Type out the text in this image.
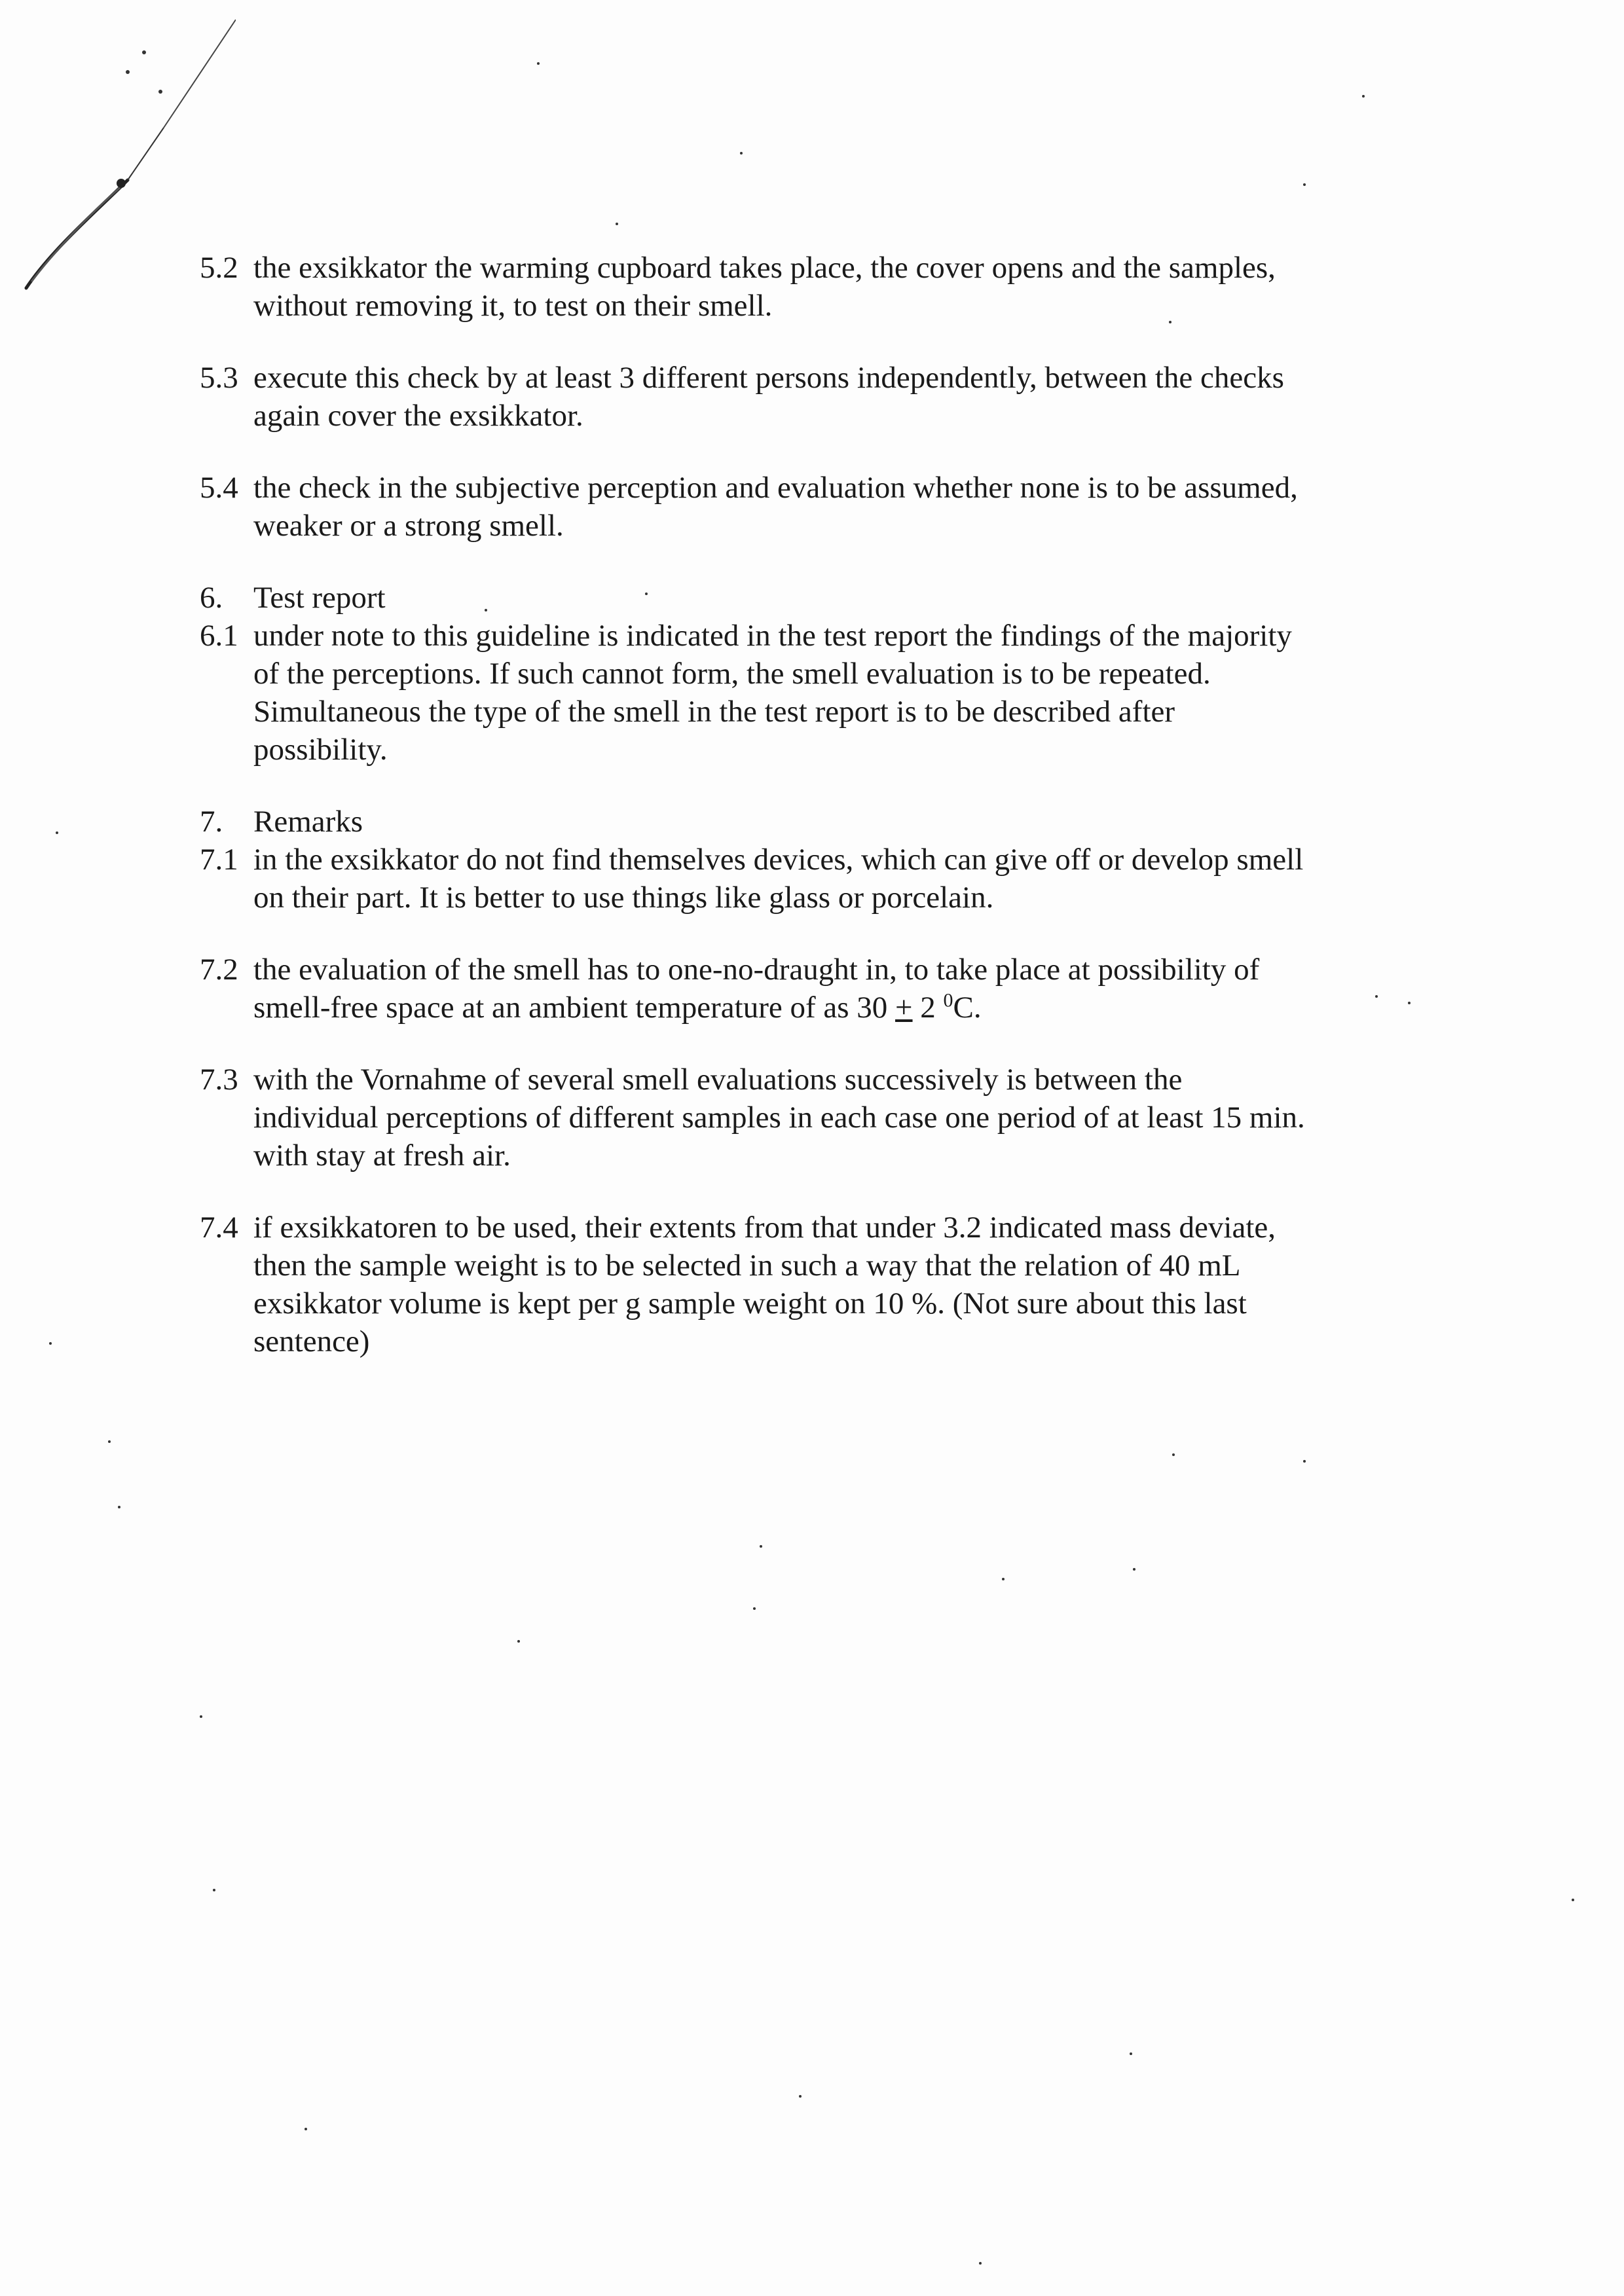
5.2 the exsikkator the warming cupboard takes place, the cover opens and the samples,
without removing it, to test on their smell.
5.3 execute this check by at least 3 different persons independently, between the checks
again cover the exsikkator.
5.4 the check in the subjective perception and evaluation whether none is to be assumed,
weaker or a strong smell.
6. Test report
6.1 under note to this guideline is indicated in the test report the findings of the majority
of the perceptions. If such cannot form, the smell evaluation is to be repeated.
Simultaneous the type of the smell in the test report is to be described after
possibility.
7. Remarks
7.1 in the exsikkator do not find themselves devices, which can give off or develop smell
on their part. It is better to use things like glass or porcelain.
7.2 the evaluation of the smell has to one-no-draught in, to take place at possibility of
smell-free space at an ambient temperature of as 30 + 2 $^0$C.
7.3 with the Vornahme of several smell evaluations successively is between the
individual perceptions of different samples in each case one period of at least 15 min.
with stay at fresh air.
7.4 if exsikkatoren to be used, their extents from that under 3.2 indicated mass deviate,
then the sample weight is to be selected in such a way that the relation of 40 mL
exsikkator volume is kept per g sample weight on 10 %. (Not sure about this last
sentence)
